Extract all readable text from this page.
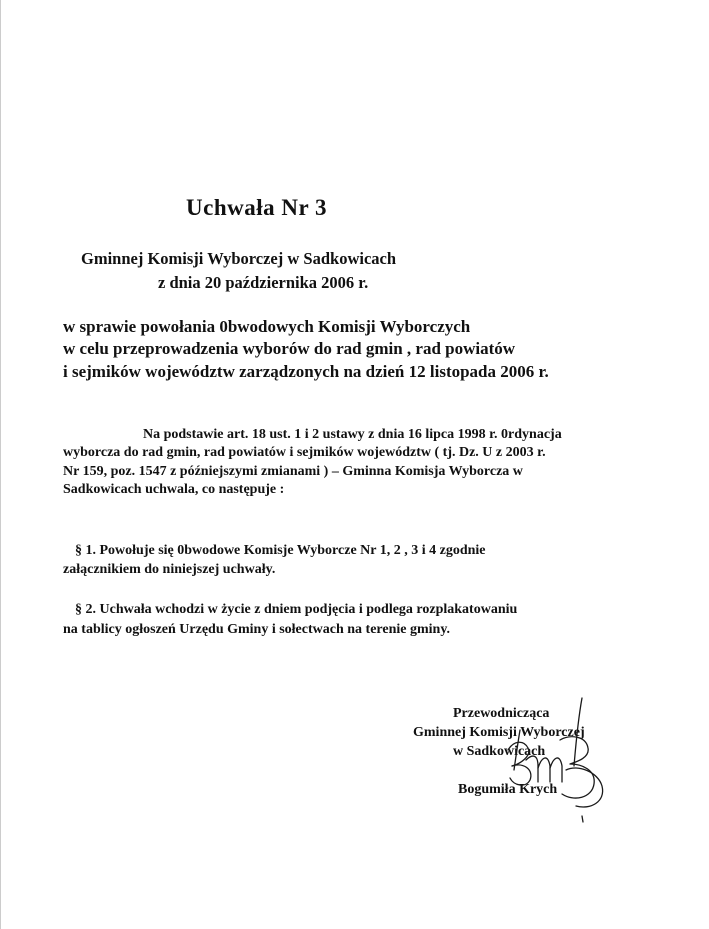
Uchwała Nr 3
Gminnej Komisji Wyborczej w Sadkowicach
z dnia 20 października 2006 r.
w sprawie powołania 0bwodowych Komisji Wyborczych
w celu przeprowadzenia wyborów do rad gmin , rad powiatów
i sejmików województw zarządzonych na dzień 12 listopada 2006 r.
Na podstawie art. 18 ust. 1 i 2 ustawy z dnia 16 lipca 1998 r. 0rdynacja
wyborcza do rad gmin, rad powiatów i sejmików województw ( tj. Dz. U z 2003 r.
Nr 159, poz. 1547 z późniejszymi zmianami ) – Gminna Komisja Wyborcza w
Sadkowicach uchwala, co następuje :
§ 1. Powołuje się 0bwodowe Komisje Wyborcze Nr 1, 2 , 3 i 4 zgodnie
załącznikiem do niniejszej uchwały.
§ 2. Uchwała wchodzi w życie z dniem podjęcia i podlega rozplakatowaniu
na tablicy ogłoszeń Urzędu Gminy i sołectwach na terenie gminy.
Przewodnicząca
Gminnej Komisji Wyborczej
w Sadkowicach
Bogumiła Krych
